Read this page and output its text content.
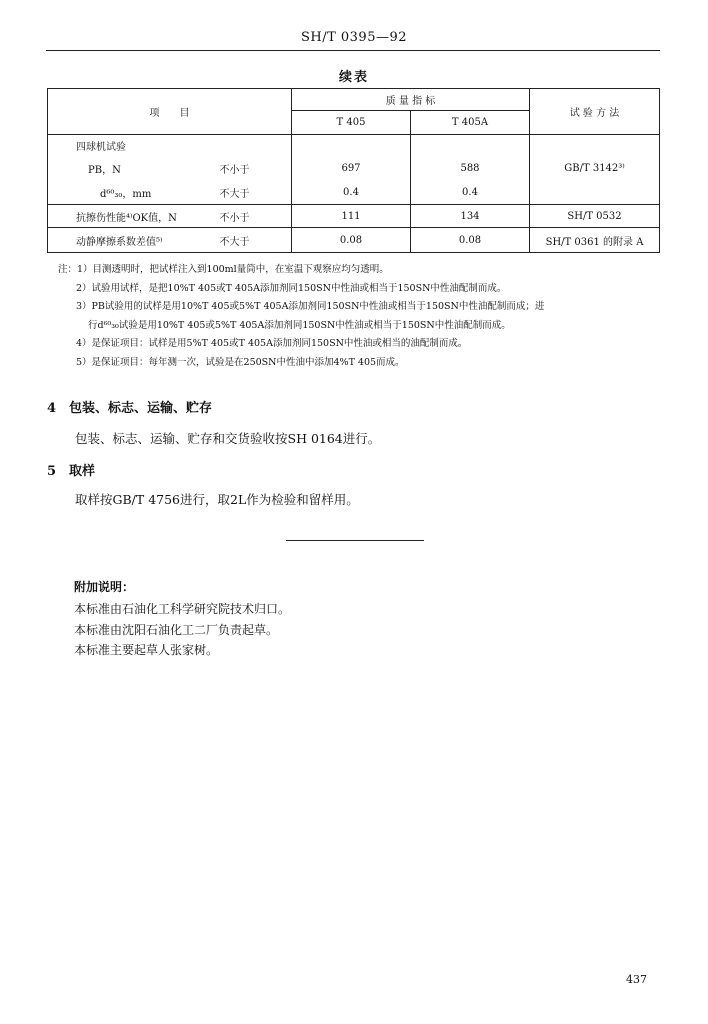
SH/T 0395—92
续表
项　　目		质 量 指 标		试 验 方 法
		T 405	T 405A	
四球机试验				
PB，N	不小于	697	588	GB/T 3142³⁾
d⁶⁰₃₀，mm	不大于	0.4	0.4	
抗擦伤性能⁴⁾OK值，N	不小于	111	134	SH/T 0532
动静摩擦系数差值⁵⁾	不大于	0.08	0.08	SH/T 0361 的附录 A
注：1）目测透明时，把试样注入到100ml量筒中，在室温下观察应均匀透明。
2）试验用试样，是把10%T 405或T 405A添加剂同150SN中性油或相当于150SN中性油配制而成。
3）PB试验用的试样是用10%T 405或5%T 405A添加剂同150SN中性油或相当于150SN中性油配制而成；进
行d⁶⁰₃₀试验是用10%T 405或5%T 405A添加剂同150SN中性油或相当于150SN中性油配制而成。
4）是保证项目：试样是用5%T 405或T 405A添加剂同150SN中性油或相当的油配制而成。
5）是保证项目：每年测一次，试验是在250SN中性油中添加4%T 405而成。
4 包装、标志、运输、贮存
包装、标志、运输、贮存和交货验收按SH 0164进行。
5 取样
取样按GB/T 4756进行，取2L作为检验和留样用。
附加说明：
本标准由石油化工科学研究院技术归口。
本标准由沈阳石油化工二厂负责起草。
本标准主要起草人张家树。
437
